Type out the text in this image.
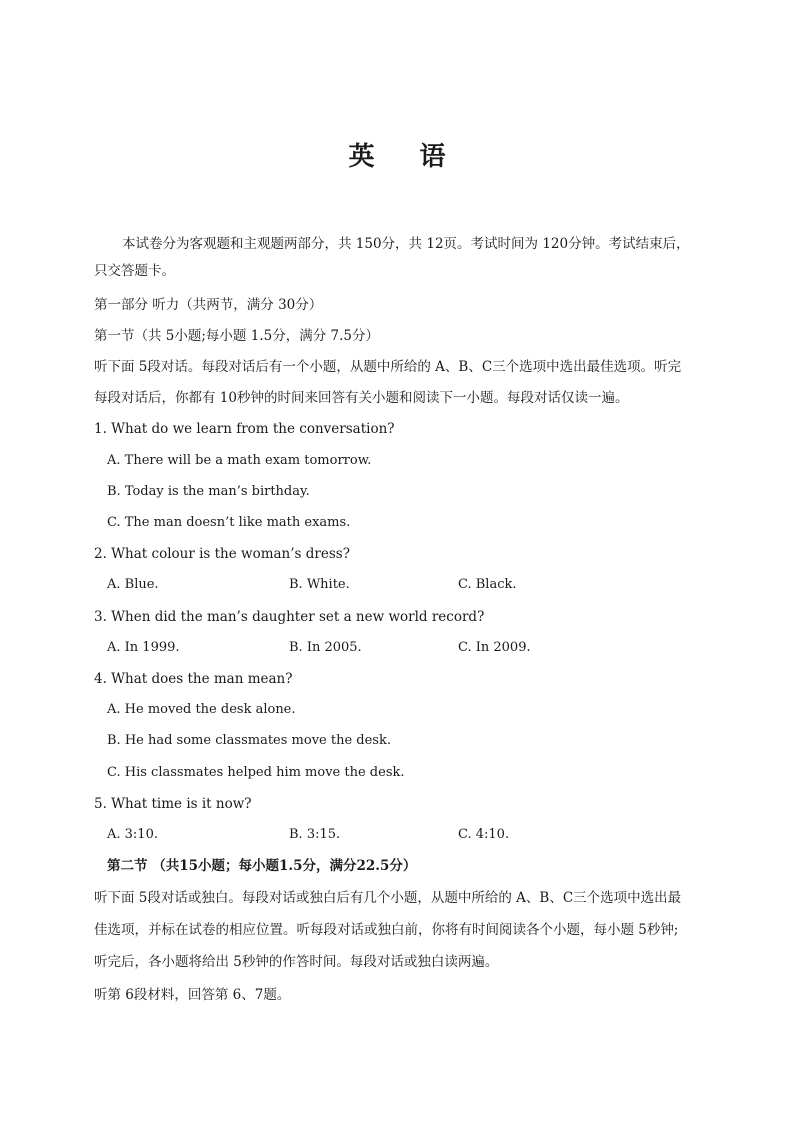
英 语
本试卷分为客观题和主观题两部分，共 150分，共 12页。考试时间为 120分钟。考试结束后，
只交答题卡。
第一部分 听力（共两节，满分 30分）
第一节（共 5小题;每小题 1.5分，满分 7.5分）
听下面 5段对话。每段对话后有一个小题，从题中所给的 A、B、C三个选项中选出最佳选项。听完
每段对话后，你都有 10秒钟的时间来回答有关小题和阅读下一小题。每段对话仅读一遍。
1. What do we learn from the conversation?
A. There will be a math exam tomorrow.
B. Today is the man’s birthday.
C. The man doesn’t like math exams.
2. What colour is the woman’s dress?
A. Blue.	B. White.	C. Black.
3. When did the man’s daughter set a new world record?
A. In 1999.	B. In 2005.	C. In 2009.
4. What does the man mean?
A. He moved the desk alone.
B. He had some classmates move the desk.
C. His classmates helped him move the desk.
5. What time is it now?
A. 3:10.	B. 3:15.	C. 4:10.
第二节 （共15小题；每小题1.5分，满分22.5分）
听下面 5段对话或独白。每段对话或独白后有几个小题，从题中所给的 A、B、C三个选项中选出最
佳选项，并标在试卷的相应位置。听每段对话或独白前，你将有时间阅读各个小题，每小题 5秒钟;
听完后，各小题将给出 5秒钟的作答时间。每段对话或独白读两遍。
听第 6段材料，回答第 6、7题。
